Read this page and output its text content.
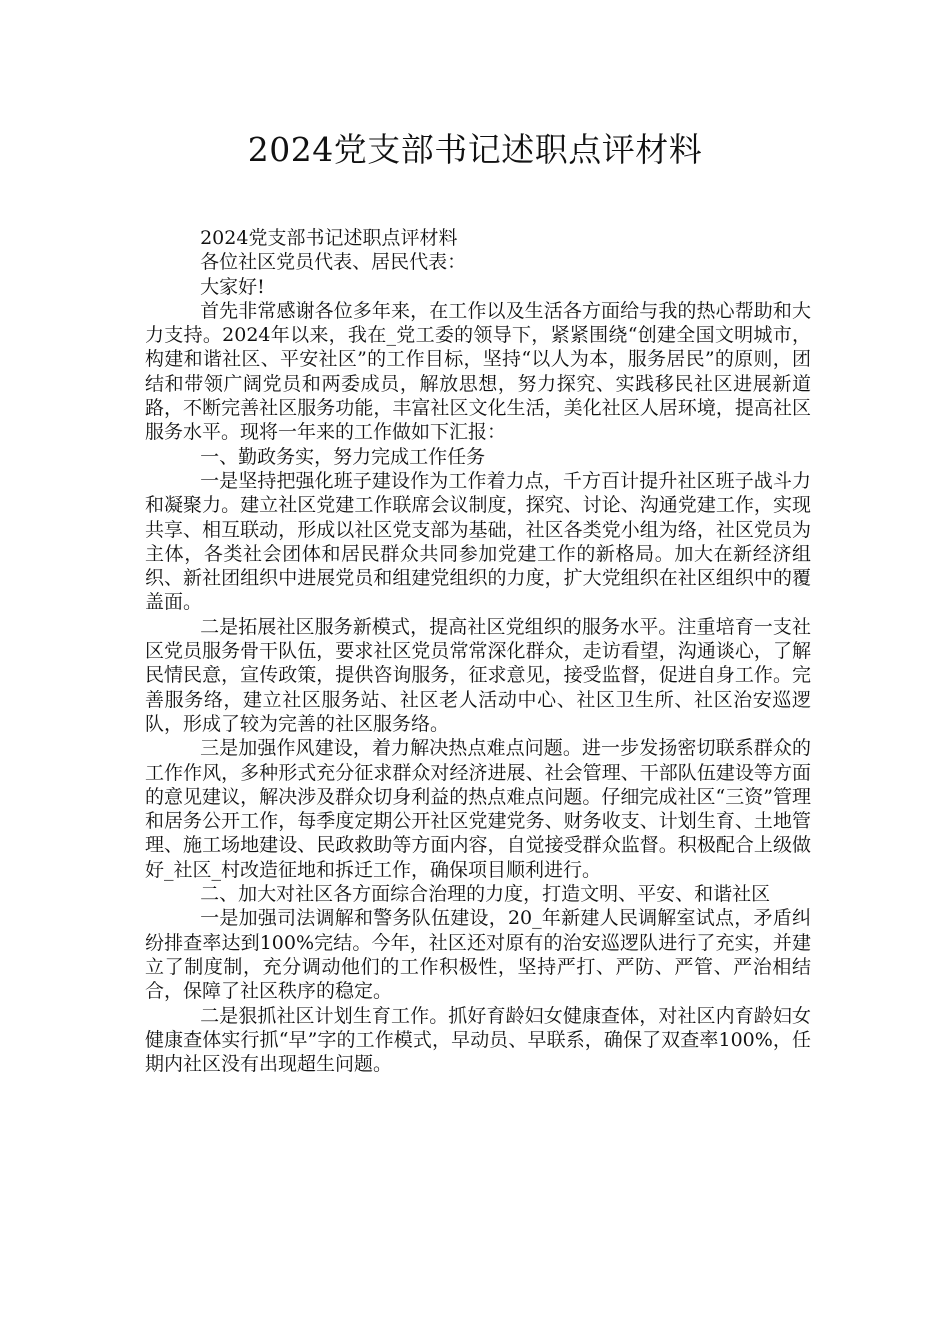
2024党支部书记述职点评材料

2024党支部书记述职点评材料

各位社区党员代表、居民代表：

大家好!

首先非常感谢各位多年来，在工作以及生活各方面给与我的热心帮助和大力支持。2024年以来，我在_党工委的领导下，紧紧围绕“创建全国文明城市，构建和谐社区、平安社区”的工作目标，坚持“以人为本，服务居民”的原则，团结和带领广阔党员和两委成员，解放思想，努力探究、实践移民社区进展新道路，不断完善社区服务功能，丰富社区文化生活，美化社区人居环境，提高社区服务水平。现将一年来的工作做如下汇报：

一、勤政务实，努力完成工作任务

一是坚持把强化班子建设作为工作着力点，千方百计提升社区班子战斗力和凝聚力。建立社区党建工作联席会议制度，探究、讨论、沟通党建工作，实现共享、相互联动，形成以社区党支部为基础，社区各类党小组为络，社区党员为主体，各类社会团体和居民群众共同参加党建工作的新格局。加大在新经济组织、新社团组织中进展党员和组建党组织的力度，扩大党组织在社区组织中的覆盖面。

二是拓展社区服务新模式，提高社区党组织的服务水平。注重培育一支社区党员服务骨干队伍，要求社区党员常常深化群众，走访看望，沟通谈心，了解民情民意，宣传政策，提供咨询服务，征求意见，接受监督，促进自身工作。完善服务络，建立社区服务站、社区老人活动中心、社区卫生所、社区治安巡逻队，形成了较为完善的社区服务络。

三是加强作风建设，着力解决热点难点问题。进一步发扬密切联系群众的工作作风，多种形式充分征求群众对经济进展、社会管理、干部队伍建设等方面的意见建议，解决涉及群众切身利益的热点难点问题。仔细完成社区“三资”管理和居务公开工作，每季度定期公开社区党建党务、财务收支、计划生育、土地管理、施工场地建设、民政救助等方面内容，自觉接受群众监督。积极配合上级做好_社区_村改造征地和拆迁工作，确保项目顺利进行。

二、加大对社区各方面综合治理的力度，打造文明、平安、和谐社区

一是加强司法调解和警务队伍建设，20_年新建人民调解室试点，矛盾纠纷排查率达到100%完结。今年，社区还对原有的治安巡逻队进行了充实，并建立了制度制，充分调动他们的工作积极性，坚持严打、严防、严管、严治相结合，保障了社区秩序的稳定。

二是狠抓社区计划生育工作。抓好育龄妇女健康查体，对社区内育龄妇女健康查体实行抓“早”字的工作模式，早动员、早联系，确保了双查率100%，任期内社区没有出现超生问题。
